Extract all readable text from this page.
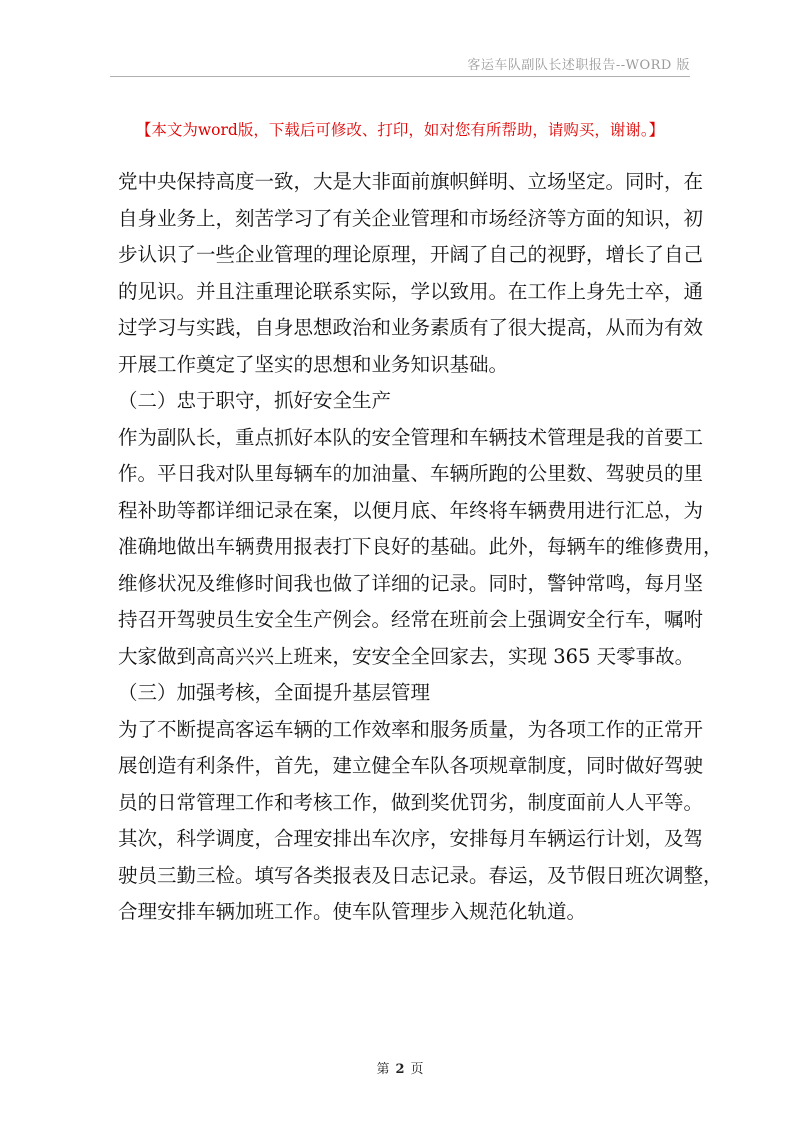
客运车队副队长述职报告--WORD 版
【本文为word版，下载后可修改、打印，如对您有所帮助，请购买，谢谢。】
党中央保持高度一致，大是大非面前旗帜鲜明、立场坚定。同时，在
自身业务上，刻苦学习了有关企业管理和市场经济等方面的知识，初
步认识了一些企业管理的理论原理，开阔了自己的视野，增长了自己
的见识。并且注重理论联系实际，学以致用。在工作上身先士卒，通
过学习与实践，自身思想政治和业务素质有了很大提高，从而为有效
开展工作奠定了坚实的思想和业务知识基础。
（二）忠于职守，抓好安全生产
作为副队长，重点抓好本队的安全管理和车辆技术管理是我的首要工
作。平日我对队里每辆车的加油量、车辆所跑的公里数、驾驶员的里
程补助等都详细记录在案，以便月底、年终将车辆费用进行汇总，为
准确地做出车辆费用报表打下良好的基础。此外，每辆车的维修费用，
维修状况及维修时间我也做了详细的记录。同时，警钟常鸣，每月坚
持召开驾驶员生安全生产例会。经常在班前会上强调安全行车，嘱咐
大家做到高高兴兴上班来，安安全全回家去，实现 365 天零事故。
（三）加强考核，全面提升基层管理
为了不断提高客运车辆的工作效率和服务质量，为各项工作的正常开
展创造有利条件，首先，建立健全车队各项规章制度，同时做好驾驶
员的日常管理工作和考核工作，做到奖优罚劣，制度面前人人平等。
其次，科学调度，合理安排出车次序，安排每月车辆运行计划，及驾
驶员三勤三检。填写各类报表及日志记录。春运，及节假日班次调整，
合理安排车辆加班工作。使车队管理步入规范化轨道。
第 2 页
